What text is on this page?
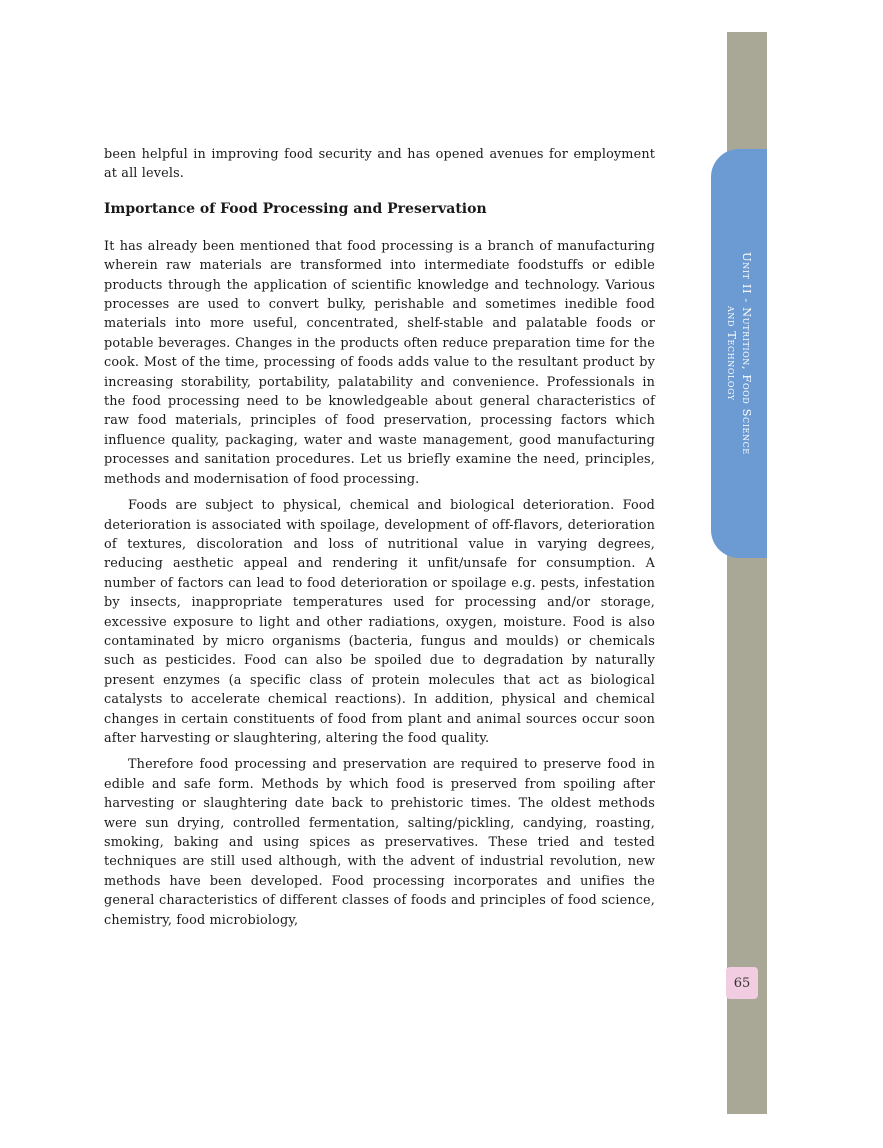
Unit II - Nutrition, Food Science
and Technology
65

been helpful in improving food security and has opened avenues for employment at all levels.

Importance of Food Processing and Preservation

It has already been mentioned that food processing is a branch of manufacturing wherein raw materials are transformed into intermediate foodstuffs or edible products through the application of scientific knowledge and technology. Various processes are used to convert bulky, perishable and sometimes inedible food materials into more useful, concentrated, shelf-stable and palatable foods or potable beverages. Changes in the products often reduce preparation time for the cook. Most of the time, processing of foods adds value to the resultant product by increasing storability, portability, palatability and convenience. Professionals in the food processing need to be knowledgeable about general characteristics of raw food materials, principles of food preservation, processing factors which influence quality, packaging, water and waste management, good manufacturing processes and sanitation procedures. Let us briefly examine the need, principles, methods and modernisation of food processing.

Foods are subject to physical, chemical and biological deterioration. Food deterioration is associated with spoilage, development of off-flavors, deterioration of textures, discoloration and loss of nutritional value in varying degrees, reducing aesthetic appeal and rendering it unfit/unsafe for consumption. A number of factors can lead to food deterioration or spoilage e.g. pests, infestation by insects, inappropriate temperatures used for processing and/or storage, excessive exposure to light and other radiations, oxygen, moisture. Food is also contaminated by micro organisms (bacteria, fungus and moulds) or chemicals such as pesticides. Food can also be spoiled due to degradation by naturally present enzymes (a specific class of protein molecules that act as biological catalysts to accelerate chemical reactions). In addition, physical and chemical changes in certain constituents of food from plant and animal sources occur soon after harvesting or slaughtering, altering the food quality.

Therefore food processing and preservation are required to preserve food in edible and safe form. Methods by which food is preserved from spoiling after harvesting or slaughtering date back to prehistoric times. The oldest methods were sun drying, controlled fermentation, salting/pickling, candying, roasting, smoking, baking and using spices as preservatives. These tried and tested techniques are still used although, with the advent of industrial revolution, new methods have been developed. Food processing incorporates and unifies the general characteristics of different classes of foods and principles of food science, chemistry, food microbiology,
